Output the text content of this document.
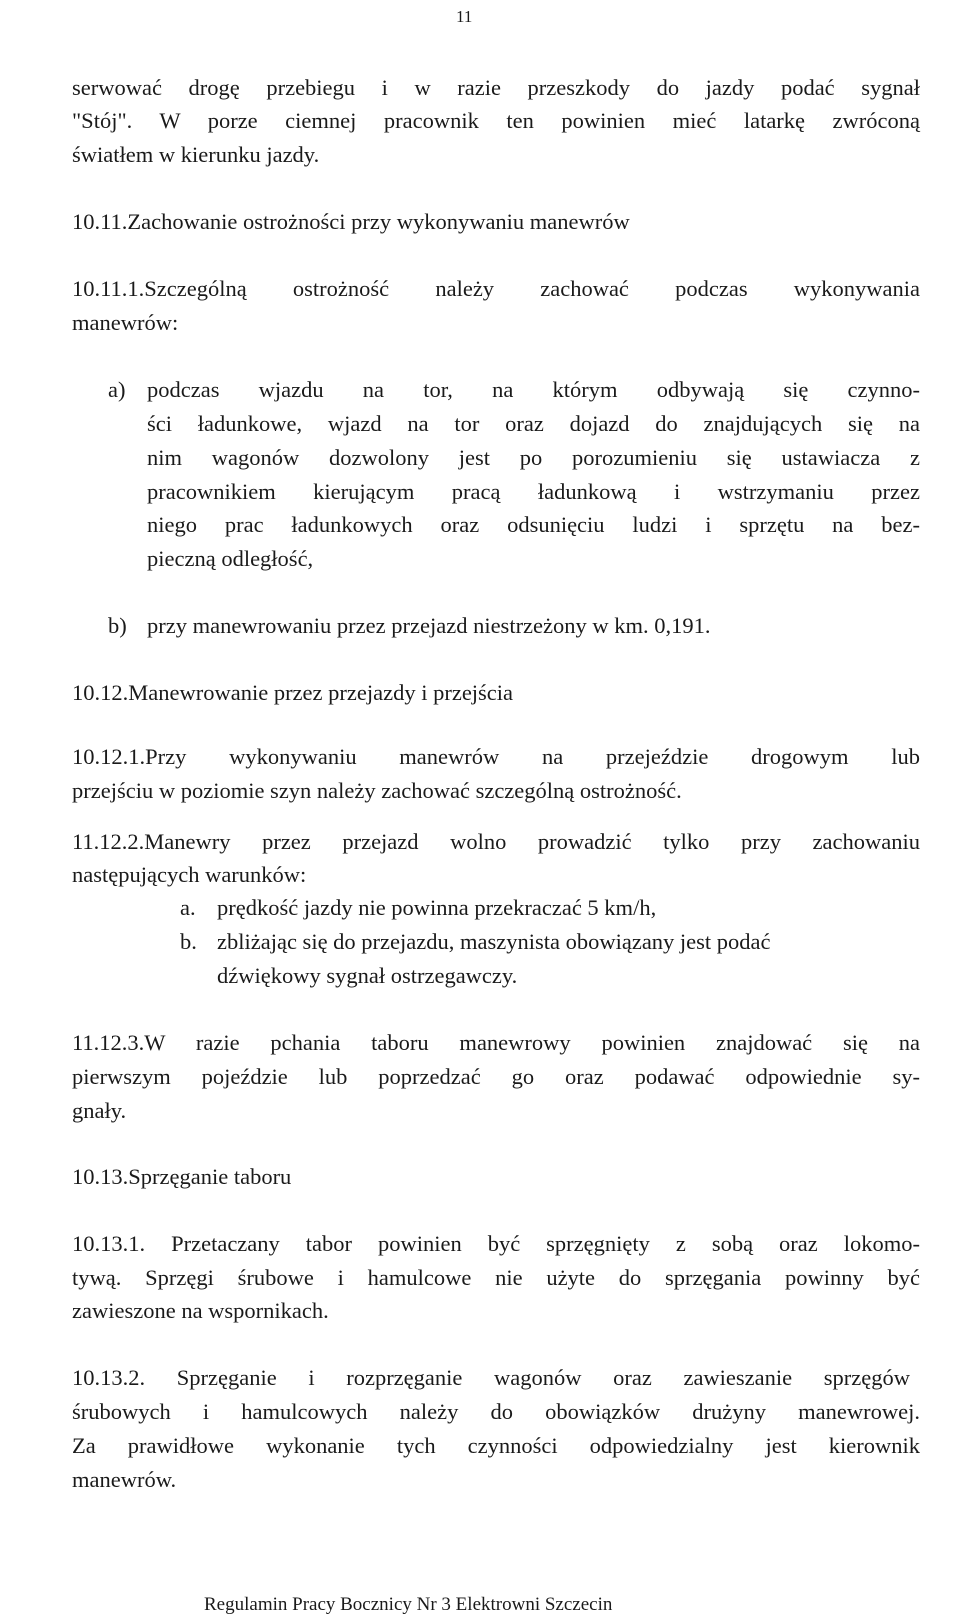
11
serwować drogę przebiegu i w razie przeszkody do jazdy podać sygnał
"Stój". W porze ciemnej pracownik ten powinien mieć latarkę zwróconą
światłem w kierunku jazdy.
10.11.Zachowanie ostrożności przy wykonywaniu manewrów
10.11.1.Szczególną ostrożność należy zachować podczas wykonywania
manewrów:
a) podczas wjazdu na tor, na którym odbywają się czynno-
ści ładunkowe, wjazd na tor oraz dojazd do znajdujących się na
nim wagonów dozwolony jest po porozumieniu się ustawiacza z
pracownikiem kierującym pracą ładunkową i wstrzymaniu przez
niego prac ładunkowych oraz odsunięciu ludzi i sprzętu na bez-
pieczną odległość,
b) przy manewrowaniu przez przejazd niestrzeżony w km. 0,191.
10.12.Manewrowanie przez przejazdy i przejścia
10.12.1.Przy wykonywaniu manewrów na przejeździe drogowym lub
przejściu w poziomie szyn należy zachować szczególną ostrożność.
11.12.2.Manewry przez przejazd wolno prowadzić tylko przy zachowaniu
następujących warunków:
a. prędkość jazdy nie powinna przekraczać 5 km/h,
b. zbliżając się do przejazdu, maszynista obowiązany jest podać
dźwiękowy sygnał ostrzegawczy.
11.12.3.W razie pchania taboru manewrowy powinien znajdować się na
pierwszym pojeździe lub poprzedzać go oraz podawać odpowiednie sy-
gnały.
10.13.Sprzęganie taboru
10.13.1. Przetaczany tabor powinien być sprzęgnięty z sobą oraz lokomo-
tywą. Sprzęgi śrubowe i hamulcowe nie użyte do sprzęgania powinny być
zawieszone na wspornikach.
10.13.2. Sprzęganie i rozprzęganie wagonów oraz zawieszanie sprzęgów
śrubowych i hamulcowych należy do obowiązków drużyny manewrowej.
Za prawidłowe wykonanie tych czynności odpowiedzialny jest kierownik
manewrów.
Regulamin Pracy Bocznicy Nr 3 Elektrowni Szczecin
